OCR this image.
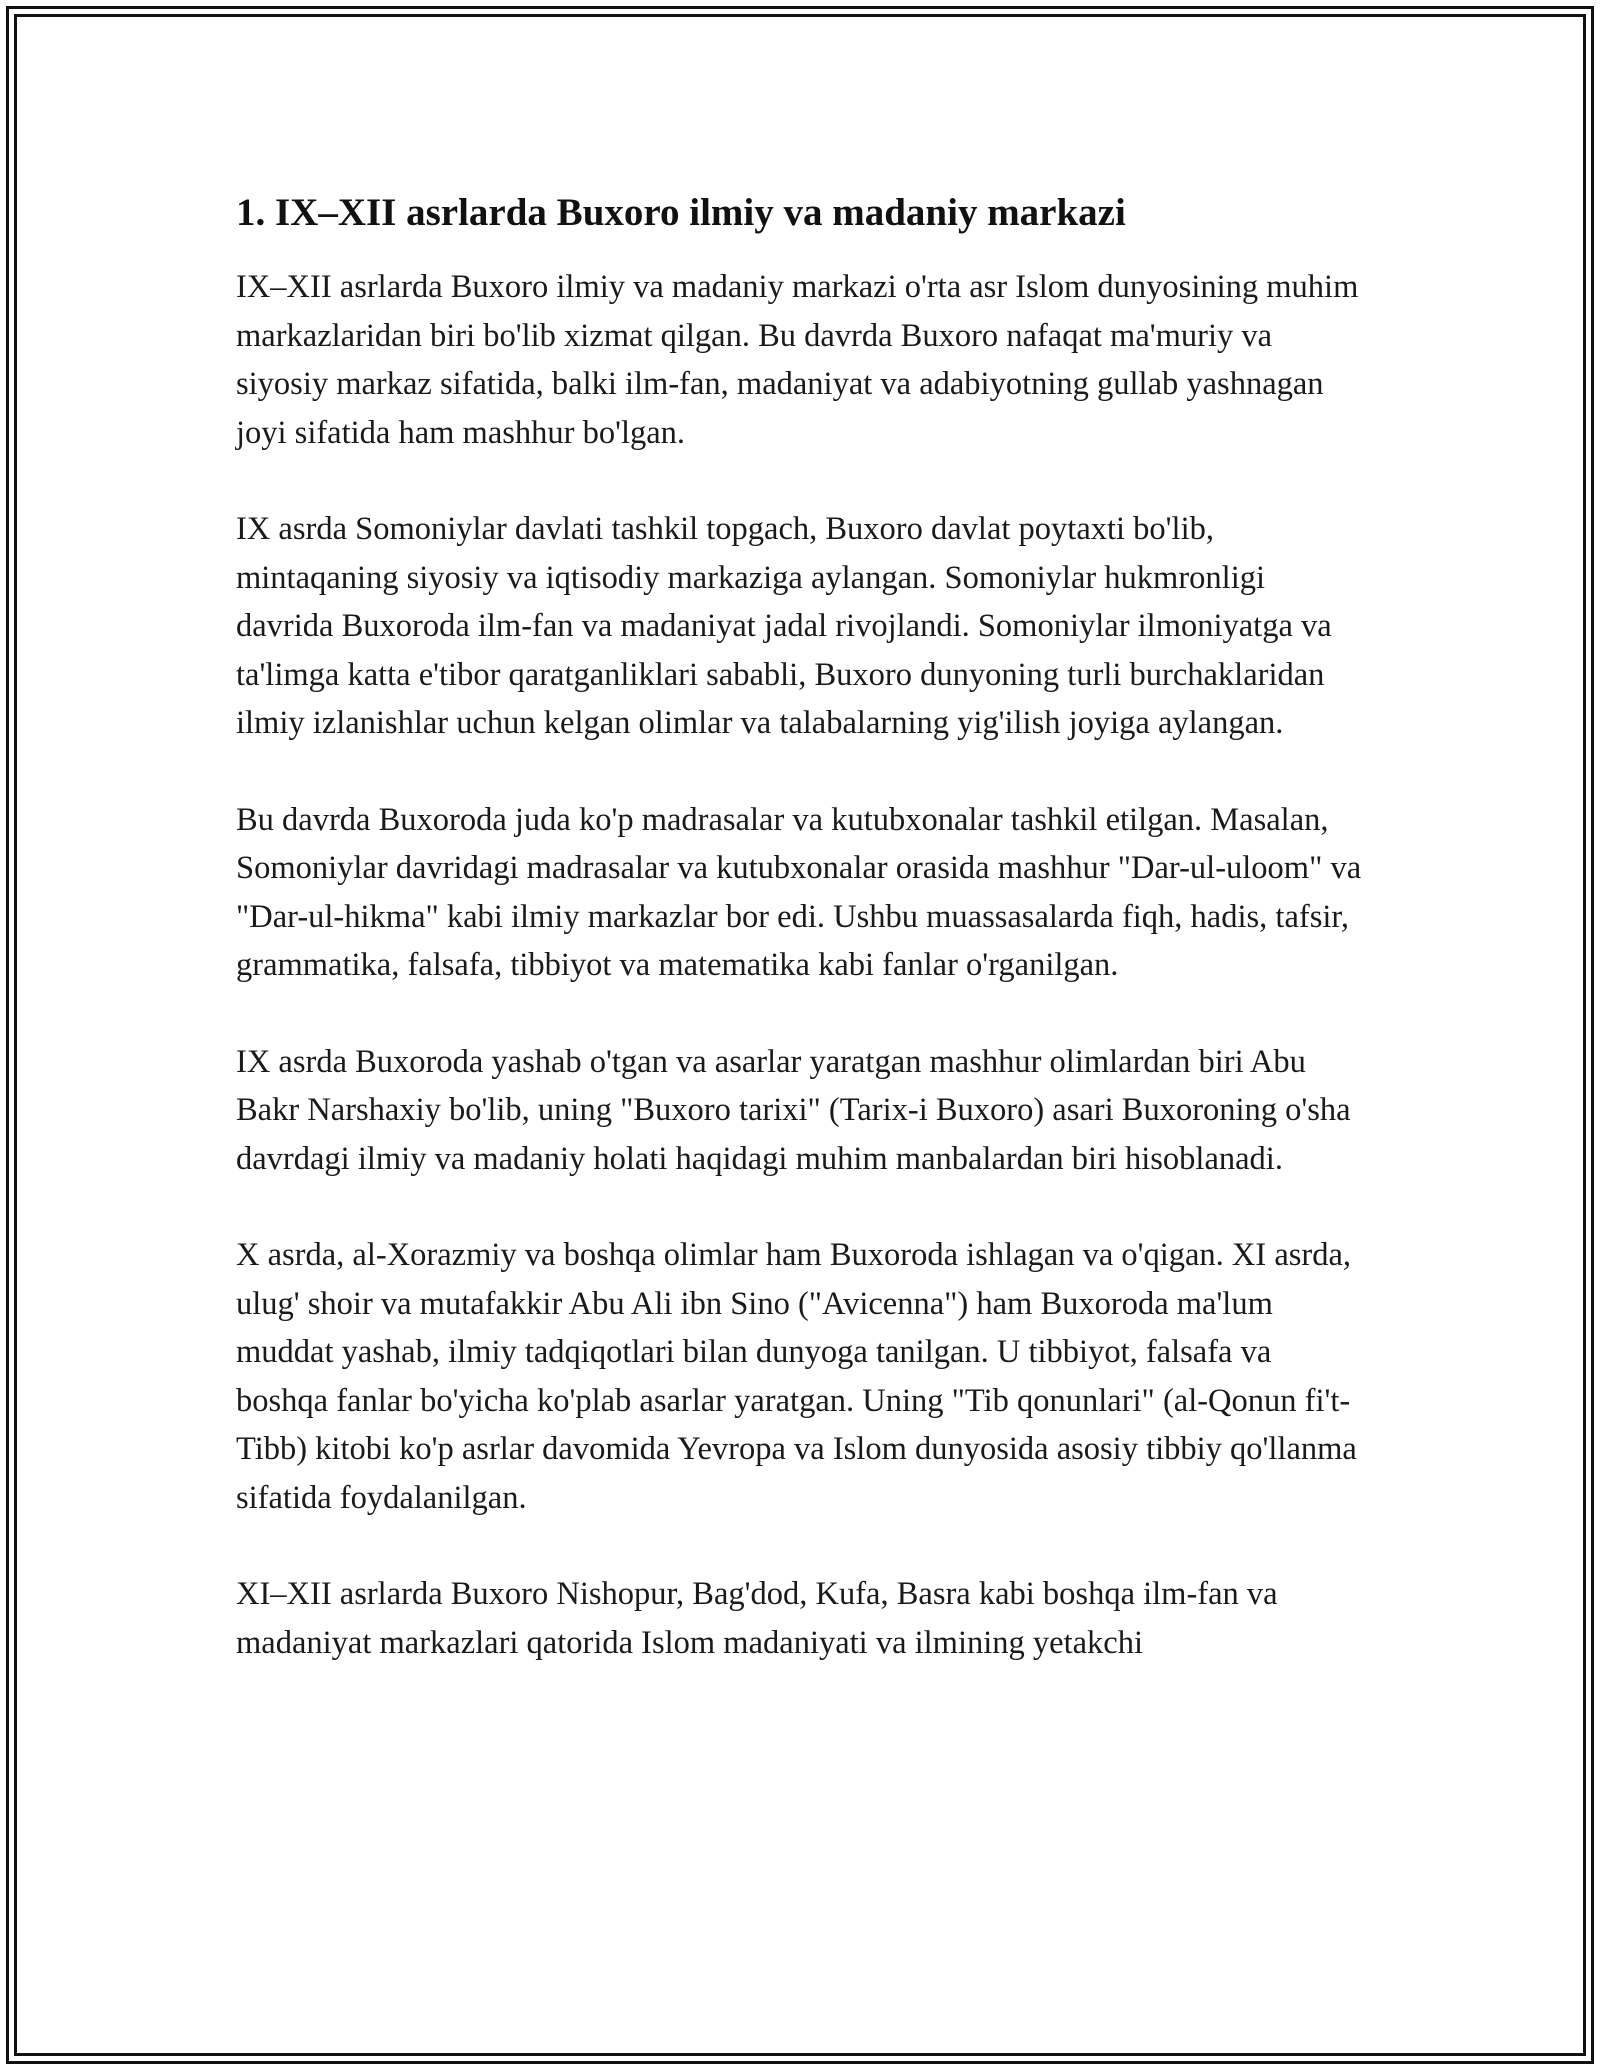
1. IX–XII asrlarda Buxoro ilmiy va madaniy markazi

IX–XII asrlarda Buxoro ilmiy va madaniy markazi o'rta asr Islom dunyosining muhim markazlaridan biri bo'lib xizmat qilgan. Bu davrda Buxoro nafaqat ma'muriy va siyosiy markaz sifatida, balki ilm-fan, madaniyat va adabiyotning gullab yashnagan joyi sifatida ham mashhur bo'lgan.

IX asrda Somoniylar davlati tashkil topgach, Buxoro davlat poytaxti bo'lib, mintaqaning siyosiy va iqtisodiy markaziga aylangan. Somoniylar hukmronligi davrida Buxoroda ilm-fan va madaniyat jadal rivojlandi. Somoniylar ilmoniyatga va ta'limga katta e'tibor qaratganliklari sababli, Buxoro dunyoning turli burchaklaridan ilmiy izlanishlar uchun kelgan olimlar va talabalarning yig'ilish joyiga aylangan.

Bu davrda Buxoroda juda ko'p madrasalar va kutubxonalar tashkil etilgan. Masalan, Somoniylar davridagi madrasalar va kutubxonalar orasida mashhur "Dar-ul-uloom" va "Dar-ul-hikma" kabi ilmiy markazlar bor edi. Ushbu muassasalarda fiqh, hadis, tafsir, grammatika, falsafa, tibbiyot va matematika kabi fanlar o'rganilgan.

IX asrda Buxoroda yashab o'tgan va asarlar yaratgan mashhur olimlardan biri Abu Bakr Narshaxiy bo'lib, uning "Buxoro tarixi" (Tarix-i Buxoro) asari Buxoroning o'sha davrdagi ilmiy va madaniy holati haqidagi muhim manbalardan biri hisoblanadi.

X asrda, al-Xorazmiy va boshqa olimlar ham Buxoroda ishlagan va o'qigan. XI asrda, ulug' shoir va mutafakkir Abu Ali ibn Sino ("Avicenna") ham Buxoroda ma'lum muddat yashab, ilmiy tadqiqotlari bilan dunyoga tanilgan. U tibbiyot, falsafa va boshqa fanlar bo'yicha ko'plab asarlar yaratgan. Uning "Tib qonunlari" (al-Qonun fi't-Tibb) kitobi ko'p asrlar davomida Yevropa va Islom dunyosida asosiy tibbiy qo'llanma sifatida foydalanilgan.

XI–XII asrlarda Buxoro Nishopur, Bag'dod, Kufa, Basra kabi boshqa ilm-fan va madaniyat markazlari qatorida Islom madaniyati va ilmining yetakchi
